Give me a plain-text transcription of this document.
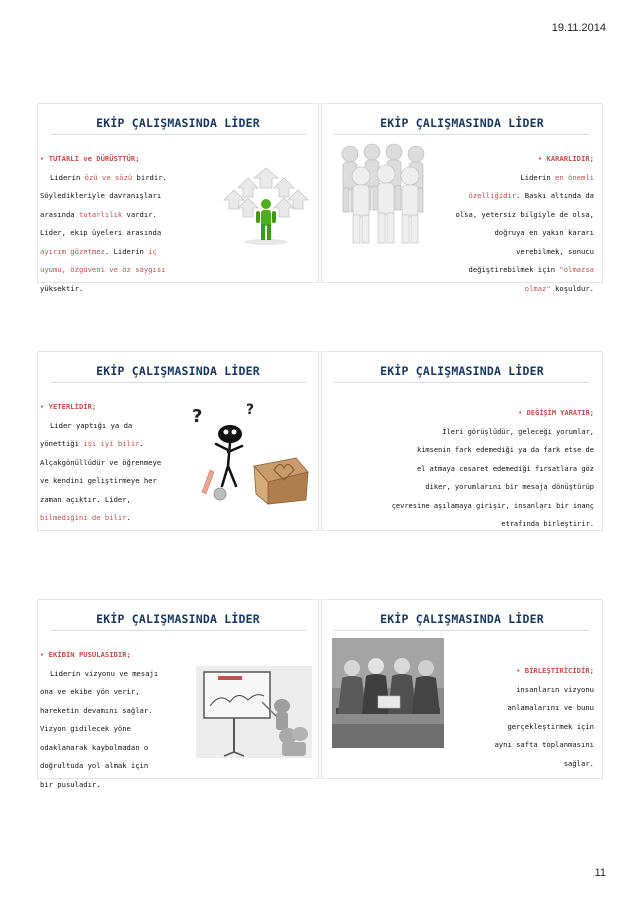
19.11.2014
EKİP ÇALIŞMASINDA LİDER
• TUTARLI ve DÜRÜSTTÜR;
Liderin özü ve sözü birdir.
Söyledikleriyle davranışları
arasında tutarlılık vardır.
Lider, ekip üyeleri arasında
ayırım gözetmez. Liderin iç
uyumu, özgüveni ve öz saygısı
yüksektir.
EKİP ÇALIŞMASINDA LİDER
• KARARLIDIR;
Liderin en önemli
özelliğidir. Baskı altında da
olsa, yetersiz bilgiyle de olsa,
doğruya en yakın kararı
verebilmek, sonucu
değiştirebilmek için "olmazsa
olmaz" koşuldur.
EKİP ÇALIŞMASINDA LİDER
• YETERLİDİR;
Lider yaptığı ya da
yönettiği işi iyi bilir.
Alçakgönüllüdür ve öğrenmeye
ve kendini geliştirmeye her
zaman açıktır. Lider,
bilmediğini de bilir.
?	?
EKİP ÇALIŞMASINDA LİDER
• DEĞİŞİM YARATIR;
İleri görüşlüdür, geleceği yorumlar,
kimsenin fark edemediği ya da fark etse de
el atmaya cesaret edemediği fırsatlara göz
diker, yorumlarını bir mesaja dönüştürüp
çevresine aşılamaya girişir, insanları bir inanç
etrafında birleştirir.
EKİP ÇALIŞMASINDA LİDER
• EKİBİN PUSULASIDIR;
Liderin vizyonu ve mesajı
ona ve ekibe yön verir,
hareketin devamını sağlar.
Vizyon gidilecek yöne
odaklanarak kaybolmadan o
doğrultuda yol almak için
bir pusuladır.
EKİP ÇALIŞMASINDA LİDER
• BİRLEŞTİRİCİDİR;
insanların vizyonu
anlamalarını ve bunu
gerçekleştirmek için
aynı safta toplanmasını
sağlar.
11
